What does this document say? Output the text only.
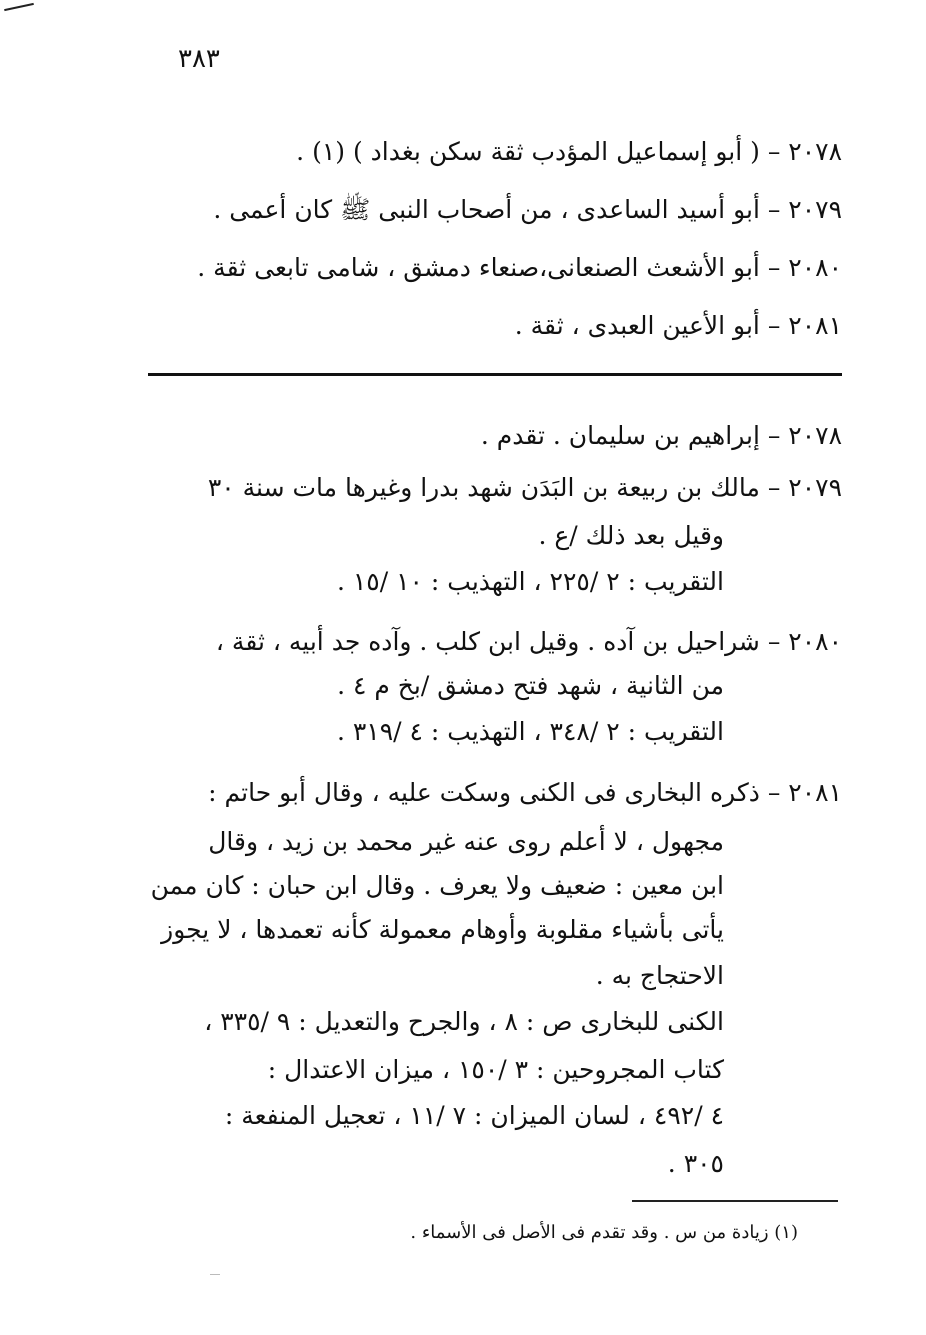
٣٨٣
٢٠٧٨ – ( أبو إسماعيل المؤدب ثقة سكن بغداد ) (١) .
٢٠٧٩ – أبو أسيد الساعدى ، من أصحاب النبى ﷺ كان أعمى .
٢٠٨٠ – أبو الأشعث الصنعانى،صنعاء دمشق ، شامى تابعى ثقة .
٢٠٨١ – أبو الأعين العبدى ، ثقة .
٢٠٧٨ – إبراهيم بن سليمان . تقدم .
٢٠٧٩ – مالك بن ربيعة بن البَدَن شهد بدرا وغيرها مات سنة ٣٠
وقيل بعد ذلك /ع .
التقريب : ٢ /٢٢٥ ، التهذيب : ١٠ /١٥ .
٢٠٨٠ – شراحيل بن آده . وقيل ابن كلب . وآده جد أبيه ، ثقة ،
من الثانية ، شهد فتح دمشق /بخ م ٤ .
التقريب : ٢ /٣٤٨ ، التهذيب : ٤ /٣١٩ .
٢٠٨١ – ذكره البخارى فى الكنى وسكت عليه ، وقال أبو حاتم :
مجهول ، لا أعلم روى عنه غير محمد بن زيد ، وقال
ابن معين : ضعيف ولا يعرف . وقال ابن حبان : كان ممن
يأتى بأشياء مقلوبة وأوهام معمولة كأنه تعمدها ، لا يجوز
الاحتجاج به .
الكنى للبخارى ص : ٨ ، والجرح والتعديل : ٩ /٣٣٥ ،
كتاب المجروحين : ٣ /١٥٠ ، ميزان الاعتدال :
٤ /٤٩٢ ، لسان الميزان : ٧ /١١ ، تعجيل المنفعة :
٣٠٥ .
(١) زيادة من س . وقد تقدم فى الأصل فى الأسماء .
